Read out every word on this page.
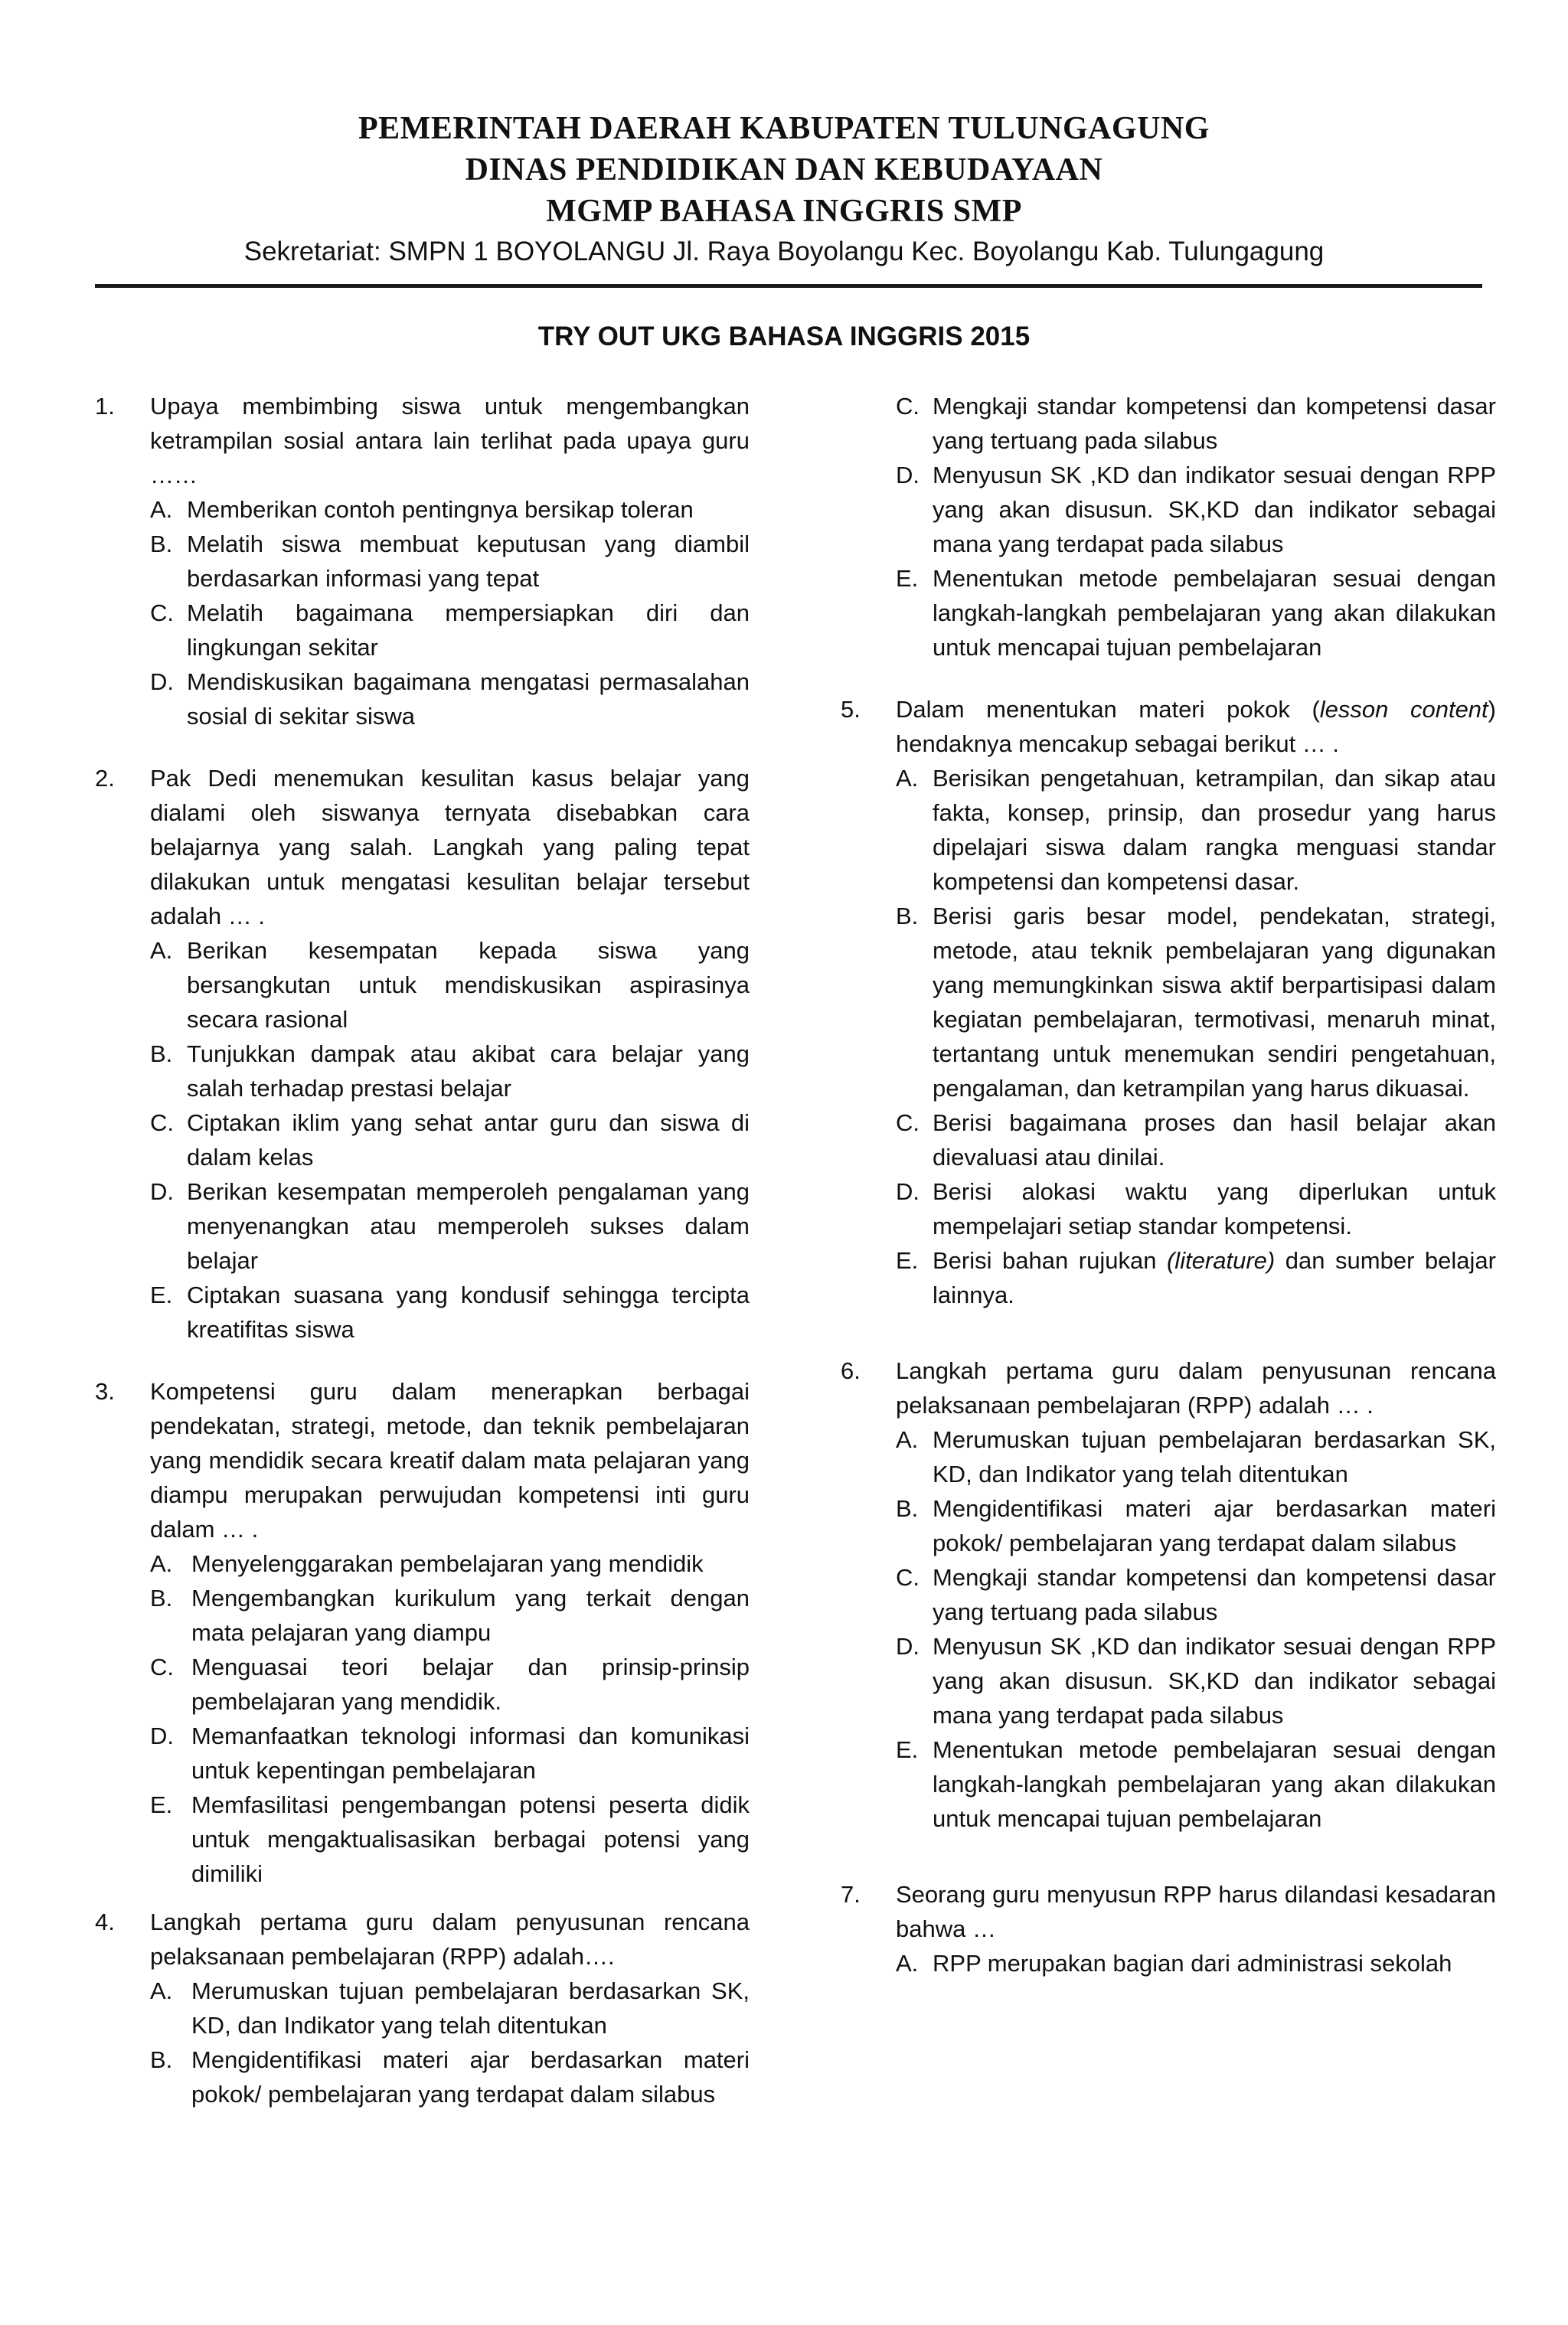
PEMERINTAH DAERAH KABUPATEN TULUNGAGUNG
DINAS PENDIDIKAN DAN KEBUDAYAAN
MGMP BAHASA INGGRIS SMP
Sekretariat: SMPN 1 BOYOLANGU Jl. Raya Boyolangu Kec. Boyolangu Kab. Tulungagung
TRY OUT UKG BAHASA INGGRIS 2015
1. Upaya membimbing siswa untuk mengembangkan ketrampilan sosial antara lain terlihat pada upaya guru ……
A. Memberikan contoh pentingnya bersikap toleran
B. Melatih siswa membuat keputusan yang diambil berdasarkan informasi yang tepat
C. Melatih bagaimana mempersiapkan diri dan lingkungan sekitar
D. Mendiskusikan bagaimana mengatasi permasalahan sosial di sekitar siswa
2. Pak Dedi menemukan kesulitan kasus belajar yang dialami oleh siswanya ternyata disebabkan cara belajarnya yang salah. Langkah yang paling tepat dilakukan untuk mengatasi kesulitan belajar tersebut adalah … .
A. Berikan kesempatan kepada siswa yang bersangkutan untuk mendiskusikan aspirasinya secara rasional
B. Tunjukkan dampak atau akibat cara belajar yang salah terhadap prestasi belajar
C. Ciptakan iklim yang sehat antar guru dan siswa di dalam kelas
D. Berikan kesempatan memperoleh pengalaman yang menyenangkan atau memperoleh sukses dalam belajar
E. Ciptakan suasana yang kondusif sehingga tercipta kreatifitas siswa
3. Kompetensi guru dalam menerapkan berbagai pendekatan, strategi, metode, dan teknik pembelajaran yang mendidik secara kreatif dalam mata pelajaran yang diampu merupakan perwujudan kompetensi inti guru dalam … .
A. Menyelenggarakan pembelajaran yang mendidik
B. Mengembangkan kurikulum yang terkait dengan mata pelajaran yang diampu
C. Menguasai teori belajar dan prinsip-prinsip pembelajaran yang mendidik.
D. Memanfaatkan teknologi informasi dan komunikasi untuk kepentingan pembelajaran
E. Memfasilitasi pengembangan potensi peserta didik untuk mengaktualisasikan berbagai potensi yang dimiliki
4. Langkah pertama guru dalam penyusunan rencana pelaksanaan pembelajaran (RPP) adalah….
A. Merumuskan tujuan pembelajaran berdasarkan SK, KD, dan Indikator yang telah ditentukan
B. Mengidentifikasi materi ajar berdasarkan materi pokok/ pembelajaran yang terdapat dalam silabus
C. Mengkaji standar kompetensi dan kompetensi dasar yang tertuang pada silabus
D. Menyusun SK ,KD dan indikator sesuai dengan RPP yang akan disusun. SK,KD dan indikator sebagai mana yang terdapat pada silabus
E. Menentukan metode pembelajaran sesuai dengan langkah-langkah pembelajaran yang akan dilakukan untuk mencapai tujuan pembelajaran
5. Dalam menentukan materi pokok (lesson content) hendaknya mencakup sebagai berikut … .
A. Berisikan pengetahuan, ketrampilan, dan sikap atau fakta, konsep, prinsip, dan prosedur yang harus dipelajari siswa dalam rangka menguasi standar kompetensi dan kompetensi dasar.
B. Berisi garis besar model, pendekatan, strategi, metode, atau teknik pembelajaran yang digunakan yang memungkinkan siswa aktif berpartisipasi dalam kegiatan pembelajaran, termotivasi, menaruh minat, tertantang untuk menemukan sendiri pengetahuan, pengalaman, dan ketrampilan yang harus dikuasai.
C. Berisi bagaimana proses dan hasil belajar akan dievaluasi atau dinilai.
D. Berisi alokasi waktu yang diperlukan untuk mempelajari setiap standar kompetensi.
E. Berisi bahan rujukan (literature) dan sumber belajar lainnya.
6. Langkah pertama guru dalam penyusunan rencana pelaksanaan pembelajaran (RPP) adalah … .
A. Merumuskan tujuan pembelajaran berdasarkan SK, KD, dan Indikator yang telah ditentukan
B. Mengidentifikasi materi ajar berdasarkan materi pokok/ pembelajaran yang terdapat dalam silabus
C. Mengkaji standar kompetensi dan kompetensi dasar yang tertuang pada silabus
D. Menyusun SK ,KD dan indikator sesuai dengan RPP yang akan disusun. SK,KD dan indikator sebagai mana yang terdapat pada silabus
E. Menentukan metode pembelajaran sesuai dengan langkah-langkah pembelajaran yang akan dilakukan untuk mencapai tujuan pembelajaran
7. Seorang guru menyusun RPP harus dilandasi kesadaran bahwa …
A. RPP merupakan bagian dari administrasi sekolah
